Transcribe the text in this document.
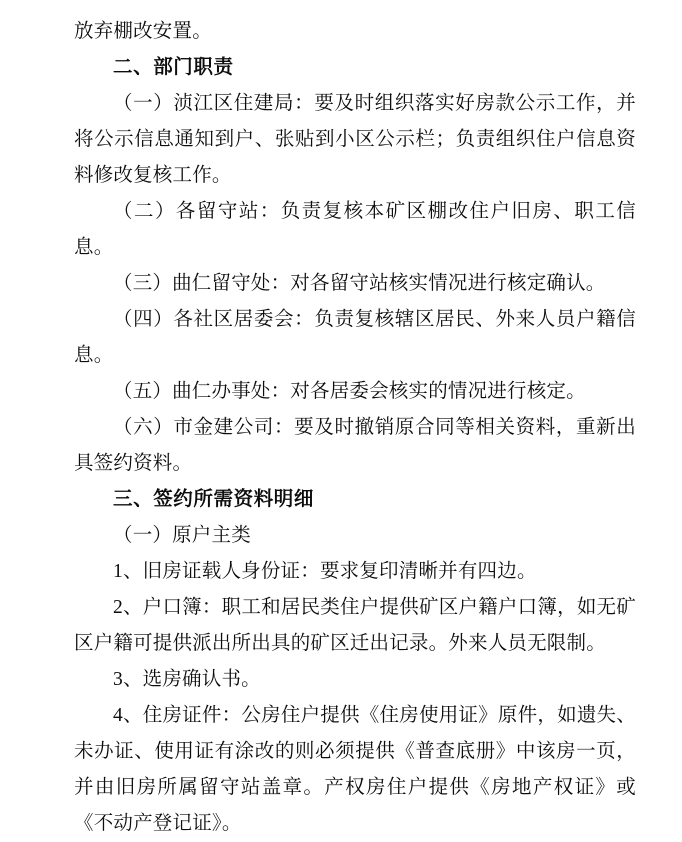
放弃棚改安置。

二、部门职责

（一）浈江区住建局：要及时组织落实好房款公示工作，并将公示信息通知到户、张贴到小区公示栏；负责组织住户信息资料修改复核工作。

（二）各留守站：负责复核本矿区棚改住户旧房、职工信息。

（三）曲仁留守处：对各留守站核实情况进行核定确认。

（四）各社区居委会：负责复核辖区居民、外来人员户籍信息。

（五）曲仁办事处：对各居委会核实的情况进行核定。

（六）市金建公司：要及时撤销原合同等相关资料，重新出具签约资料。

三、签约所需资料明细

（一）原户主类

1、旧房证载人身份证：要求复印清晰并有四边。

2、户口簿：职工和居民类住户提供矿区户籍户口簿，如无矿区户籍可提供派出所出具的矿区迁出记录。外来人员无限制。

3、选房确认书。

4、住房证件：公房住户提供《住房使用证》原件，如遗失、未办证、使用证有涂改的则必须提供《普查底册》中该房一页，并由旧房所属留守站盖章。产权房住户提供《房地产权证》或《不动产登记证》。
